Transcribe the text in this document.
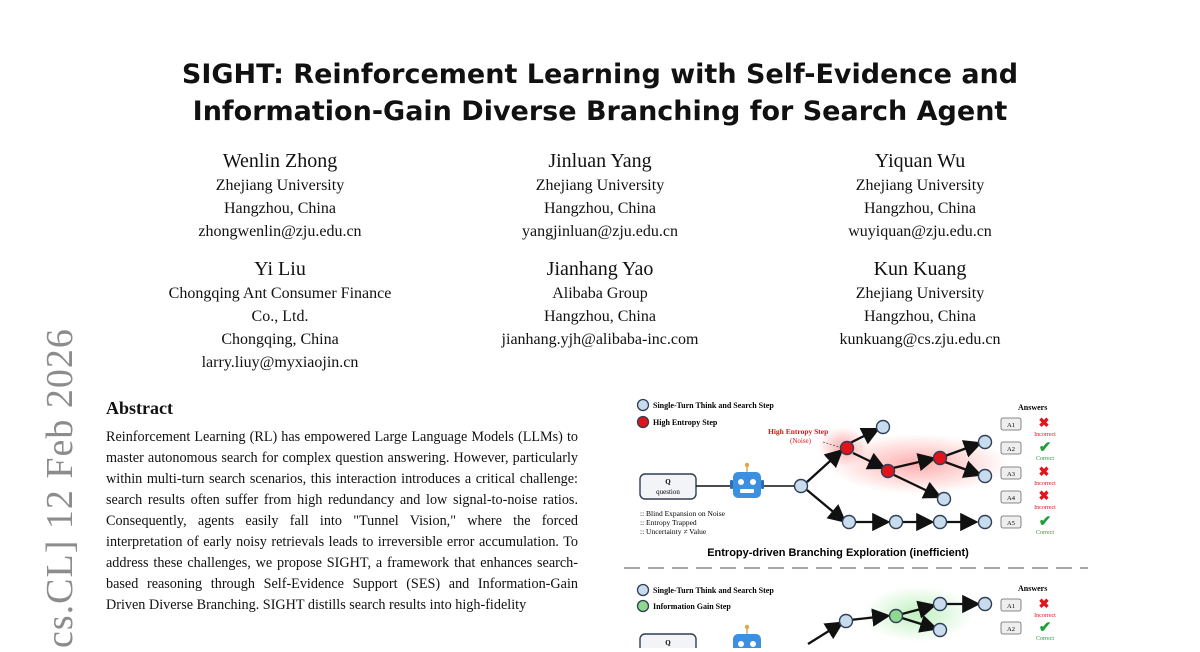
cs.CL] 12 Feb 2026
SIGHT: Reinforcement Learning with Self-Evidence and
Information-Gain Diverse Branching for Search Agent
Wenlin Zhong
Zhejiang University
Hangzhou, China
zhongwenlin@zju.edu.cn
Jinluan Yang
Zhejiang University
Hangzhou, China
yangjinluan@zju.edu.cn
Yiquan Wu
Zhejiang University
Hangzhou, China
wuyiquan@zju.edu.cn
Yi Liu
Chongqing Ant Consumer Finance
Co., Ltd.
Chongqing, China
larry.liuy@myxiaojin.cn
Jianhang Yao
Alibaba Group
Hangzhou, China
jianhang.yjh@alibaba-inc.com
Kun Kuang
Zhejiang University
Hangzhou, China
kunkuang@cs.zju.edu.cn
Abstract
Reinforcement Learning (RL) has empowered Large Language Models (LLMs) to master autonomous search for complex question answering. However, particularly within multi-turn search scenarios, this interaction introduces a critical challenge: search results often suffer from high redundancy and low signal-to-noise ratios. Consequently, agents easily fall into "Tunnel Vision," where the forced interpretation of early noisy retrievals leads to irreversible error accumulation. To address these challenges, we propose SIGHT, a framework that enhances search-based reasoning through Self-Evidence Support (SES) and Information-Gain Driven Diverse Branching. SIGHT distills search results into high-fidelity
Single-Turn Think and Search Step
High Entropy Step
High Entropy Step
(Noise)
Q
question
:: Blind Expansion on Noise
:: Entropy Trapped
:: Uncertainty ≠ Value
Answers
A1 ✖
Incorrect
A2 ✔
Correct
A3 ✖
Incorrect
A4 ✖
Incorrect
A5 ✔
Correct
Entropy-driven Branching Exploration (inefficient)
Single-Turn Think and Search Step
Information Gain Step
Q
Answers
A1 ✖
Incorrect
A2 ✔
Correct
